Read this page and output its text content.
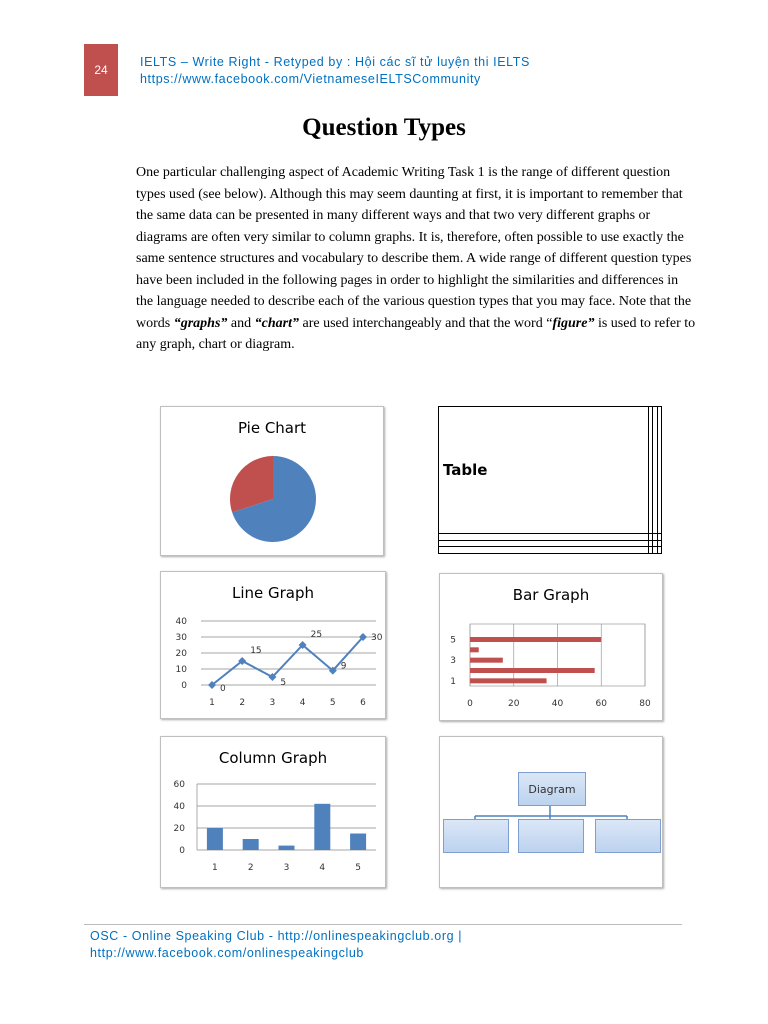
24
IELTS – Write Right - Retyped by : Hội các sĩ tử luyện thi IELTS
https://www.facebook.com/VietnameseIELTSCommunity
Question Types
One particular challenging aspect of Academic Writing Task 1 is the range of different question types used (see below). Although this may seem daunting at first, it is important to remember that the same data can be presented in many different ways and that two very different graphs or diagrams are often very similar to column graphs. It is, therefore, often possible to use exactly the same sentence structures and vocabulary to describe them. A wide range of different question types have been included in the following pages in order to highlight the similarities and differences in the language needed to describe each of the various question types that you may face. Note that the words “graphs” and “chart” are used interchangeably and that the word “figure” is used to refer to any graph, chart or diagram.
Pie Chart
Table			

Line Graph
0
10
20
30
40
0
1
15
2
5
3
25
4
9
5
30
6
Bar Graph
0	20	40	60	80
1
3
5
Column Graph
0
20
40
60
1	2	3	4	5
Diagram
OSC - Online Speaking Club - http://onlinespeakingclub.org |
http://www.facebook.com/onlinespeakingclub
